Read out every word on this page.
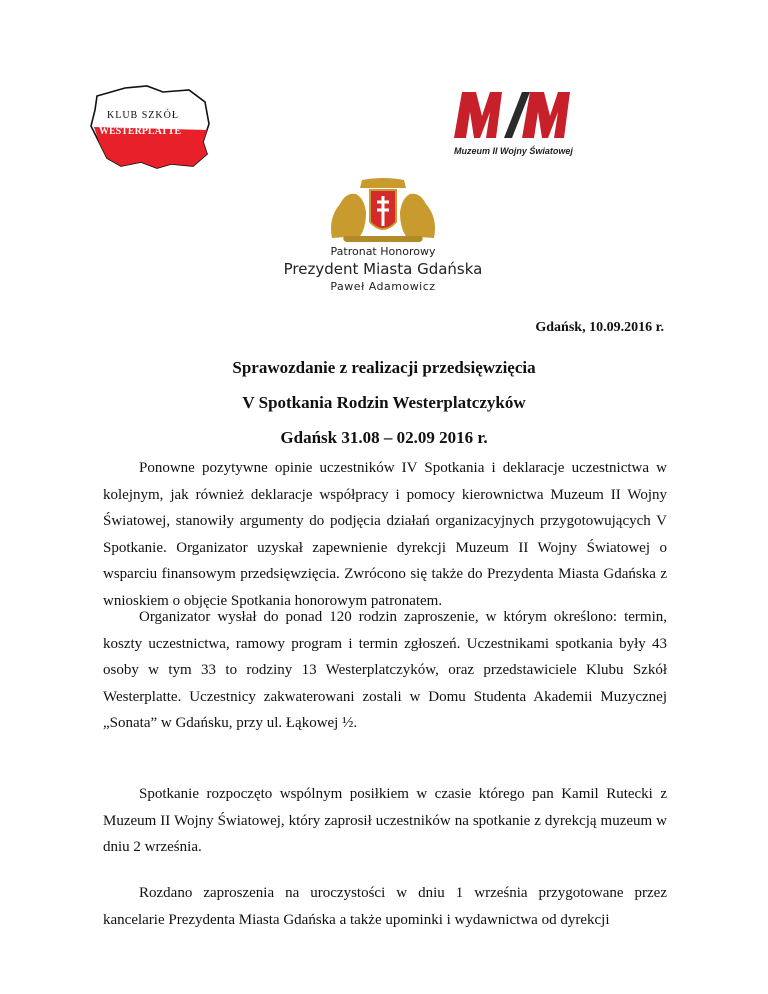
KLUB SZKÓŁ
WESTERPLATTE
Muzeum II Wojny Światowej
Patronat Honorowy
Prezydent Miasta Gdańska
Paweł Adamowicz
Gdańsk, 10.09.2016 r.
Sprawozdanie z realizacji przedsięwzięcia
V Spotkania Rodzin Westerplatczyków
Gdańsk 31.08 – 02.09 2016 r.

Ponowne pozytywne opinie uczestników IV Spotkania i deklaracje uczestnictwa w kolejnym, jak również deklaracje współpracy i pomocy kierownictwa Muzeum II Wojny Światowej, stanowiły argumenty do podjęcia działań organizacyjnych przygotowujących V Spotkanie. Organizator uzyskał zapewnienie dyrekcji Muzeum II Wojny Światowej o wsparciu finansowym przedsięwzięcia. Zwrócono się także do Prezydenta Miasta Gdańska z wnioskiem o objęcie Spotkania honorowym patronatem.

Organizator wysłał do ponad 120 rodzin zaproszenie, w którym określono: termin, koszty uczestnictwa, ramowy program i termin zgłoszeń. Uczestnikami spotkania były 43 osoby w tym 33 to rodziny 13 Westerplatczyków, oraz przedstawiciele Klubu Szkół Westerplatte. Uczestnicy zakwaterowani zostali w Domu Studenta Akademii Muzycznej „Sonata” w Gdańsku, przy ul. Łąkowej ½.

Spotkanie rozpoczęto wspólnym posiłkiem w czasie którego pan Kamil Rutecki z Muzeum II Wojny Światowej, który zaprosił uczestników na spotkanie z dyrekcją muzeum w dniu 2 września.

Rozdano zaproszenia na uroczystości w dniu 1 września przygotowane przez kancelarie Prezydenta Miasta Gdańska a także upominki i wydawnictwa od dyrekcji
